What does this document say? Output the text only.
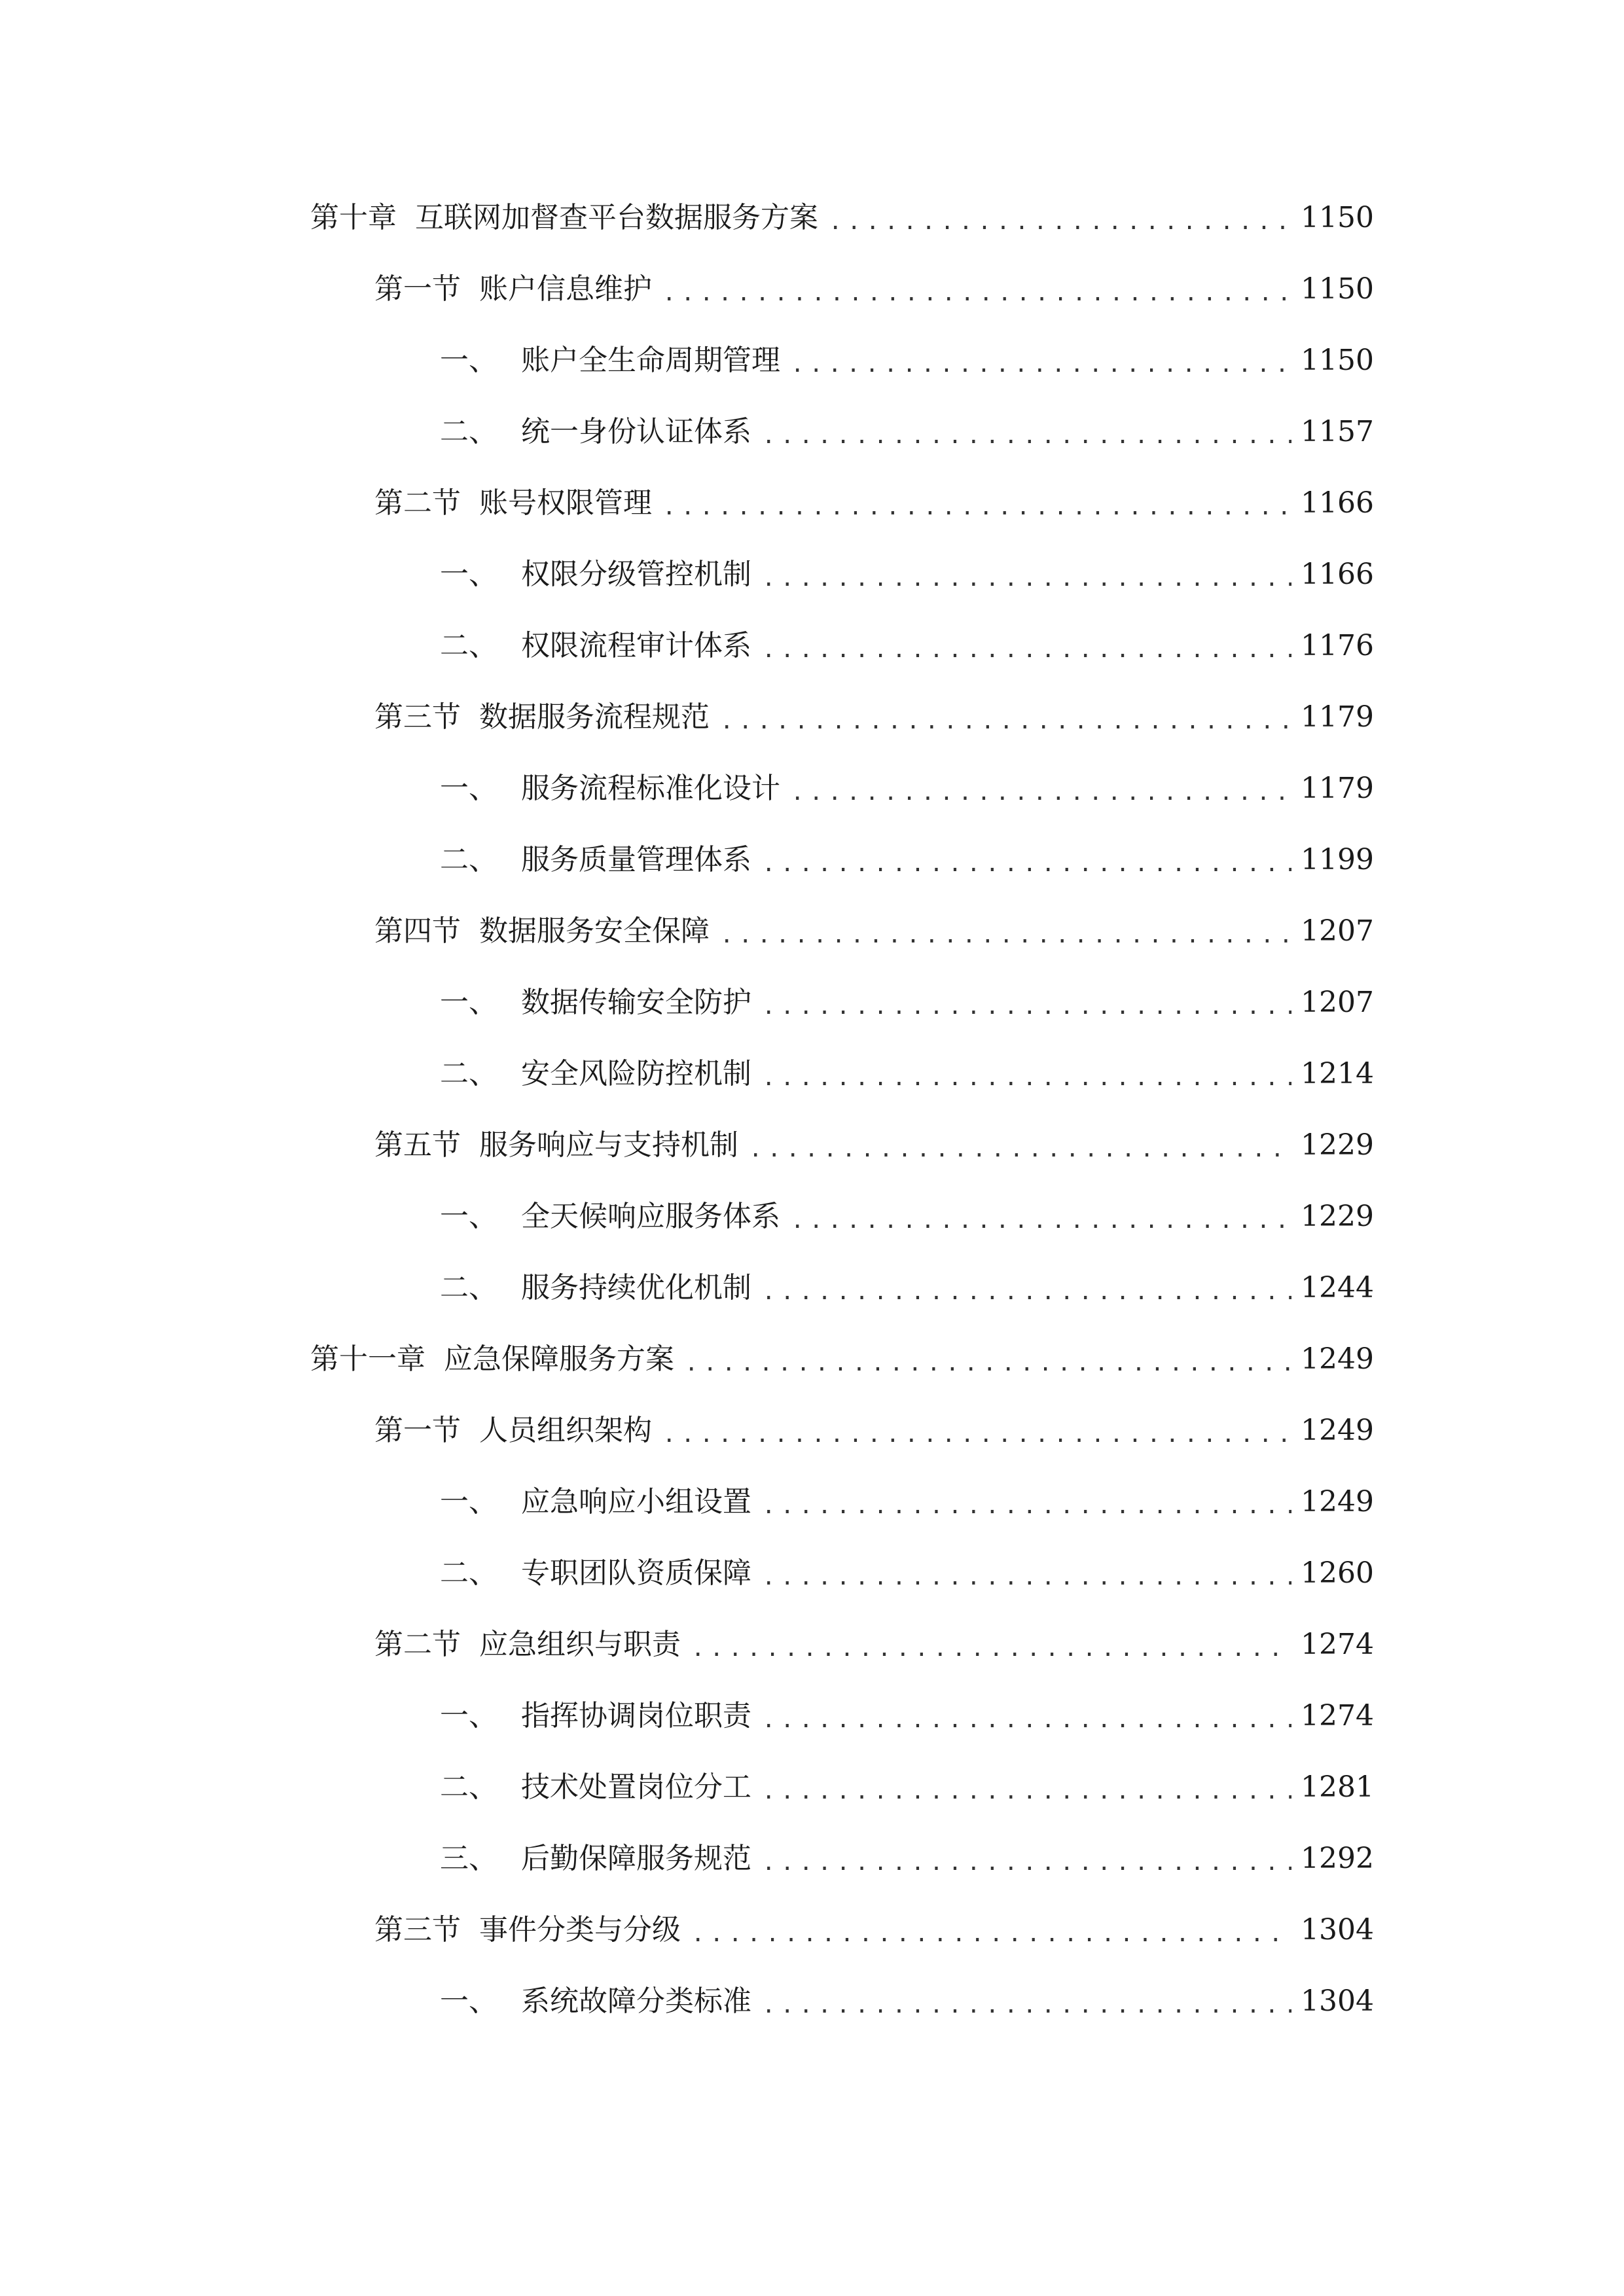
第十章 互联网加督查平台数据服务方案 .....	1150
第一节 账户信息维护 .....	1150
一、 账户全生命周期管理 .....	1150
二、 统一身份认证体系 .....	1157
第二节 账号权限管理 .....	1166
一、 权限分级管控机制 .....	1166
二、 权限流程审计体系 .....	1176
第三节 数据服务流程规范 .....	1179
一、 服务流程标准化设计 .....	1179
二、 服务质量管理体系 .....	1199
第四节 数据服务安全保障 .....	1207
一、 数据传输安全防护 .....	1207
二、 安全风险防控机制 .....	1214
第五节 服务响应与支持机制 .....	1229
一、 全天候响应服务体系 .....	1229
二、 服务持续优化机制 .....	1244
第十一章 应急保障服务方案 .....	1249
第一节 人员组织架构 .....	1249
一、 应急响应小组设置 .....	1249
二、 专职团队资质保障 .....	1260
第二节 应急组织与职责 .....	1274
一、 指挥协调岗位职责 .....	1274
二、 技术处置岗位分工 .....	1281
三、 后勤保障服务规范 .....	1292
第三节 事件分类与分级 .....	1304
一、 系统故障分类标准 .....	1304
